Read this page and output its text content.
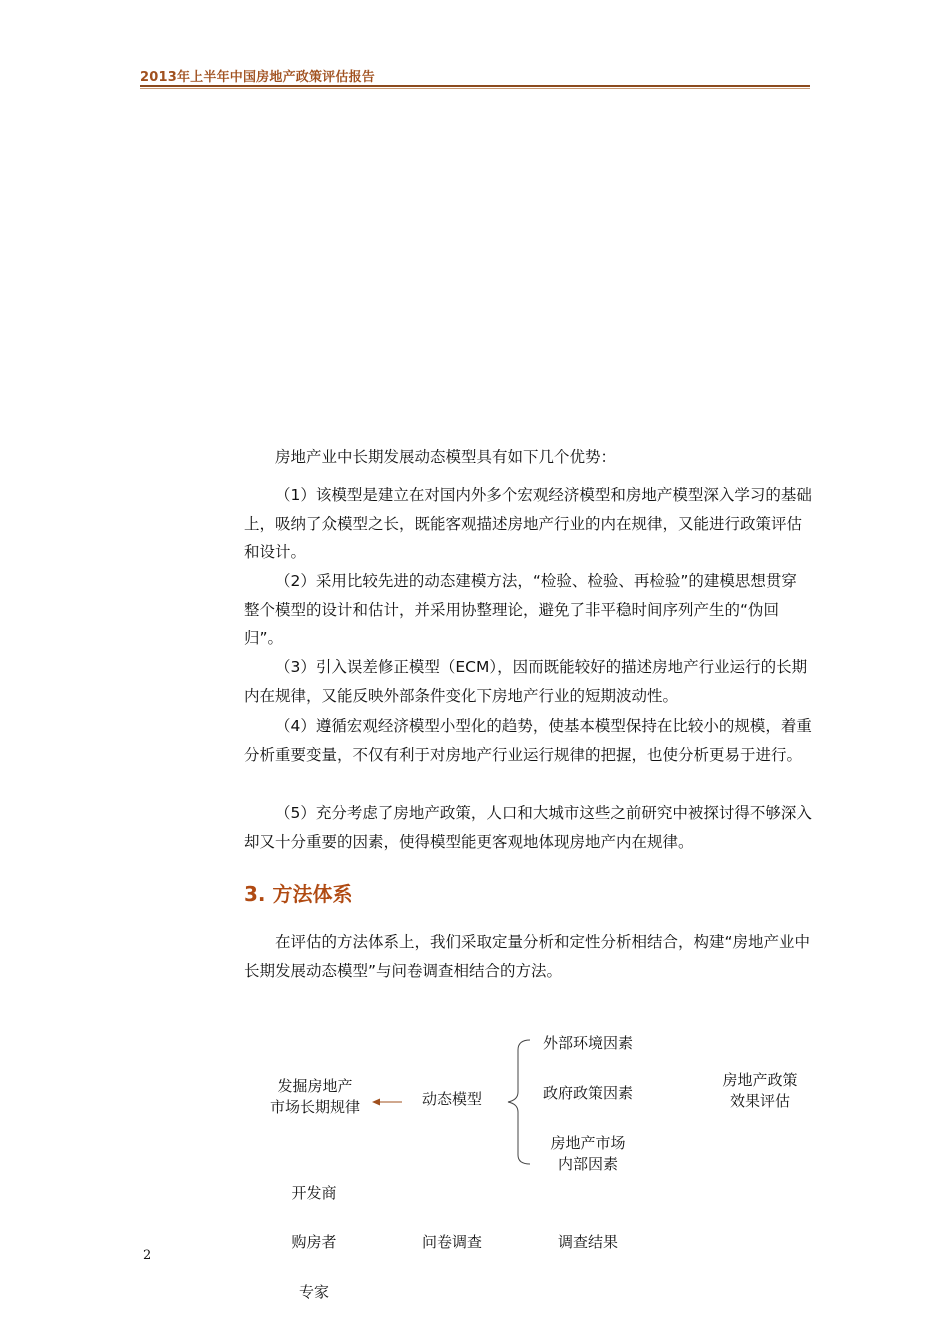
2013年上半年中国房地产政策评估报告

房地产业中长期发展动态模型具有如下几个优势：

（1）该模型是建立在对国内外多个宏观经济模型和房地产模型深入学习的基础上，吸纳了众模型之长，既能客观描述房地产行业的内在规律，又能进行政策评估和设计。

（2）采用比较先进的动态建模方法，“检验、检验、再检验”的建模思想贯穿整个模型的设计和估计，并采用协整理论，避免了非平稳时间序列产生的“伪回归”。

（3）引入误差修正模型（ECM），因而既能较好的描述房地产行业运行的长期内在规律，又能反映外部条件变化下房地产行业的短期波动性。

（4）遵循宏观经济模型小型化的趋势，使基本模型保持在比较小的规模，着重分析重要变量，不仅有利于对房地产行业运行规律的把握，也使分析更易于进行。

（5）充分考虑了房地产政策，人口和大城市这些之前研究中被探讨得不够深入却又十分重要的因素，使得模型能更客观地体现房地产内在规律。

3. 方法体系

在评估的方法体系上，我们采取定量分析和定性分析相结合，构建“房地产业中长期发展动态模型”与问卷调查相结合的方法。

发掘房地产
市场长期规律	动态模型
外部环境因素
政府政策因素
房地产市场
内部因素
房地产政策
效果评估
开发商
购房者	问卷调查	调查结果
专家
2
